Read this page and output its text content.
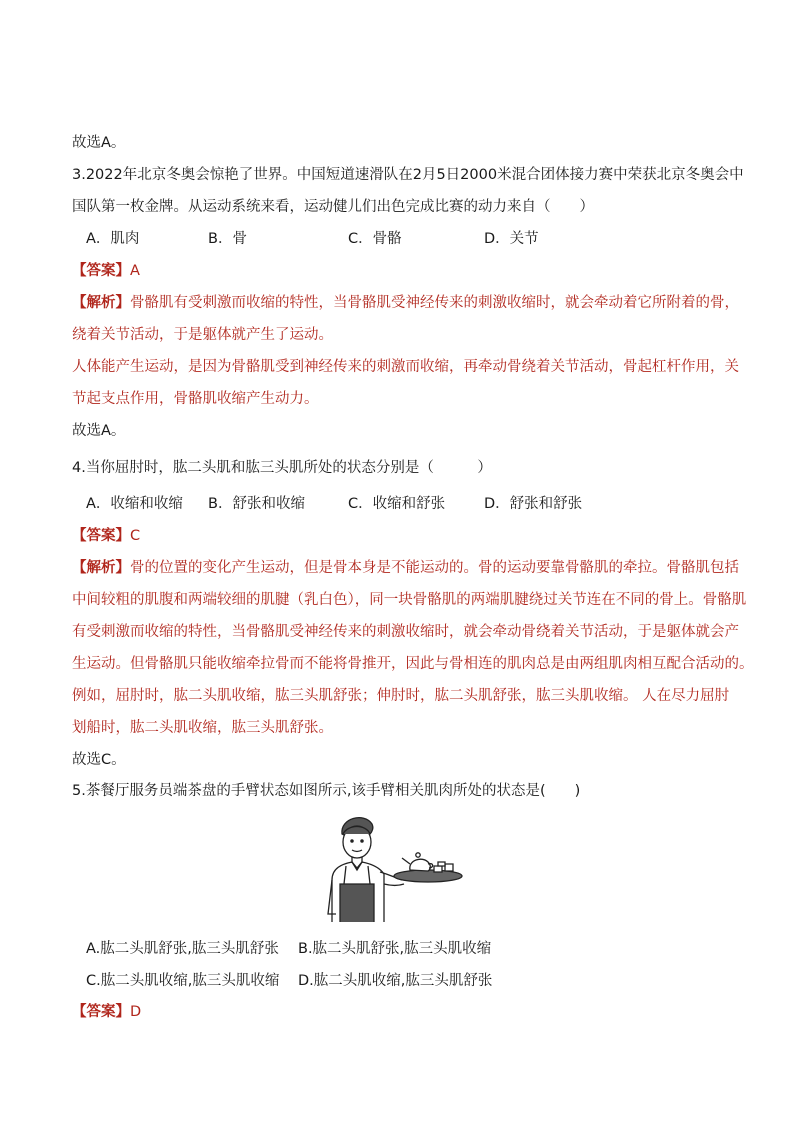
故选A。
3.2022年北京冬奥会惊艳了世界。中国短道速滑队在2月5日2000米混合团体接力赛中荣获北京冬奥会中
国队第一枚金牌。从运动系统来看，运动健儿们出色完成比赛的动力来自（　　）
A．肌肉	B．骨	C．骨骼	D．关节
【答案】A
【解析】骨骼肌有受刺激而收缩的特性，当骨骼肌受神经传来的刺激收缩时，就会牵动着它所附着的骨，
绕着关节活动，于是躯体就产生了运动。
人体能产生运动，是因为骨骼肌受到神经传来的刺激而收缩，再牵动骨绕着关节活动，骨起杠杆作用，关
节起支点作用，骨骼肌收缩产生动力。
故选A。
4.当你屈肘时，肱二头肌和肱三头肌所处的状态分别是（　　　）
A．收缩和收缩 B．舒张和收缩	C．收缩和舒张	D．舒张和舒张
【答案】C
【解析】骨的位置的变化产生运动，但是骨本身是不能运动的。骨的运动要靠骨骼肌的牵拉。骨骼肌包括
中间较粗的肌腹和两端较细的肌腱（乳白色），同一块骨骼肌的两端肌腱绕过关节连在不同的骨上。骨骼肌
有受刺激而收缩的特性，当骨骼肌受神经传来的刺激收缩时，就会牵动骨绕着关节活动，于是躯体就会产
生运动。但骨骼肌只能收缩牵拉骨而不能将骨推开，因此与骨相连的肌肉总是由两组肌肉相互配合活动的。
例如，屈肘时，肱二头肌收缩，肱三头肌舒张；伸肘时，肱二头肌舒张，肱三头肌收缩。 人在尽力屈肘
划船时，肱二头肌收缩，肱三头肌舒张。
故选C。
5.茶餐厅服务员端茶盘的手臂状态如图所示,该手臂相关肌肉所处的状态是(　　)
A.肱二头肌舒张,肱三头肌舒张 B.肱二头肌舒张,肱三头肌收缩
C.肱二头肌收缩,肱三头肌收缩 D.肱二头肌收缩,肱三头肌舒张
【答案】D
